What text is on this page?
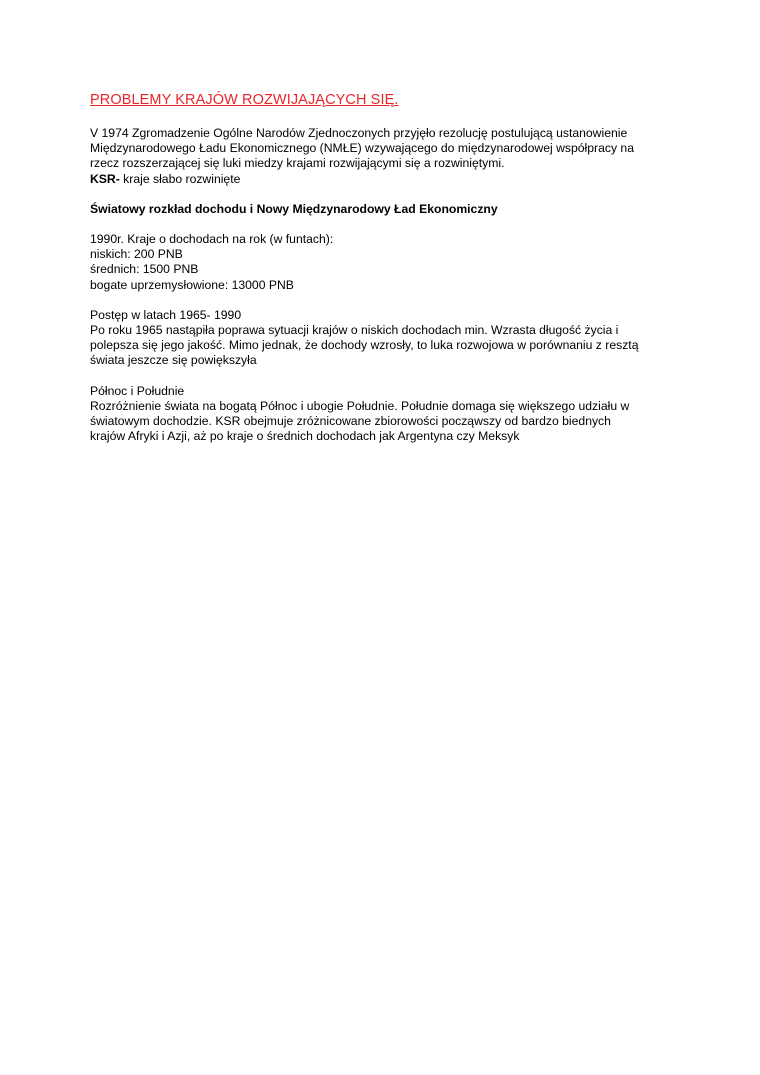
PROBLEMY KRAJÓW ROZWIJAJĄCYCH SIĘ.

V 1974 Zgromadzenie Ogólne Narodów Zjednoczonych przyjęło rezolucję postulującą ustanowienie
Międzynarodowego Ładu Ekonomicznego (NMŁE) wzywającego do międzynarodowej współpracy na
rzecz rozszerzającej się luki miedzy krajami rozwijającymi się a rozwiniętymi.
KSR- kraje słabo rozwinięte

Światowy rozkład dochodu i Nowy Międzynarodowy Ład Ekonomiczny

1990r. Kraje o dochodach na rok (w funtach):
niskich: 200 PNB
średnich: 1500 PNB
bogate uprzemysłowione: 13000 PNB

Postęp w latach 1965- 1990
Po roku 1965 nastąpiła poprawa sytuacji krajów o niskich dochodach min. Wzrasta długość życia i
polepsza się jego jakość. Mimo jednak, że dochody wzrosły, to luka rozwojowa w porównaniu z resztą
świata jeszcze się powiększyła

Północ i Południe
Rozróżnienie świata na bogatą Północ i ubogie Południe. Południe domaga się większego udziału w
światowym dochodzie. KSR obejmuje zróżnicowane zbiorowości począwszy od bardzo biednych
krajów Afryki i Azji, aż po kraje o średnich dochodach jak Argentyna czy Meksyk
